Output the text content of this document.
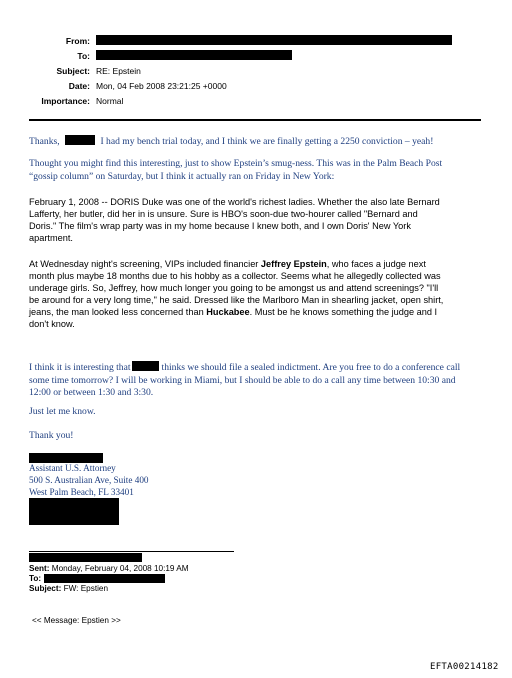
From:
To:
Subject: RE: Epstein
Date: Mon, 04 Feb 2008 23:21:25 +0000
Importance: Normal
Thanks,	I had my bench trial today, and I think we are finally getting a 2250 conviction – yeah!

Thought you might find this interesting, just to show Epstein’s smug-ness. This was in the Palm Beach Post

“gossip column” on Saturday, but I think it actually ran on Friday in New York:

February 1, 2008 -- DORIS Duke was one of the world's richest ladies. Whether the also late Bernard

Lafferty, her butler, did her in is unsure. Sure is HBO's soon-due two-hourer called "Bernard and

Doris." The film's wrap party was in my home because I knew both, and I own Doris' New York

apartment.

At Wednesday night's screening, VIPs included financier Jeffrey Epstein, who faces a judge next

month plus maybe 18 months due to his hobby as a collector. Seems what he allegedly collected was

underage girls. So, Jeffrey, how much longer you going to be amongst us and attend screenings? "I'll

be around for a very long time," he said. Dressed like the Marlboro Man in shearling jacket, open shirt,

jeans, the man looked less concerned than Huckabee. Must be he knows something the judge and I

don't know.

I think it is interesting that	thinks we should file a sealed indictment. Are you free to do a conference call

some time tomorrow? I will be working in Miami, but I should be able to do a call any time between 10:30 and

12:00 or between 1:30 and 3:30.

Just let me know.
Thank you!

Assistant U.S. Attorney

500 S. Australian Ave, Suite 400

West Palm Beach, FL 33401

Sent: Monday, February 04, 2008 10:19 AM
To:
Subject: FW: Epstien
<< Message: Epstien >>
EFTA00214182
